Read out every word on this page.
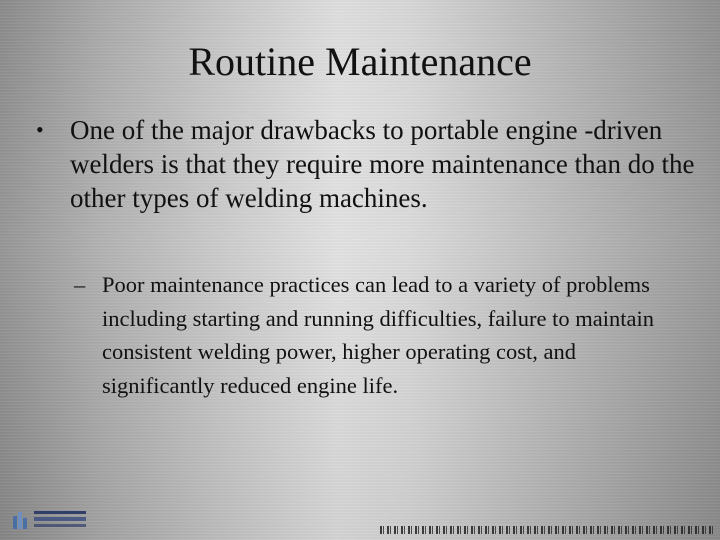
Routine Maintenance
• One of the major drawbacks to portable engine -driven welders is that they require more maintenance than do the other types of welding machines.
– Poor maintenance practices can lead to a variety of problems including starting and running difficulties, failure to maintain consistent welding power, higher operating cost, and significantly reduced engine life.
